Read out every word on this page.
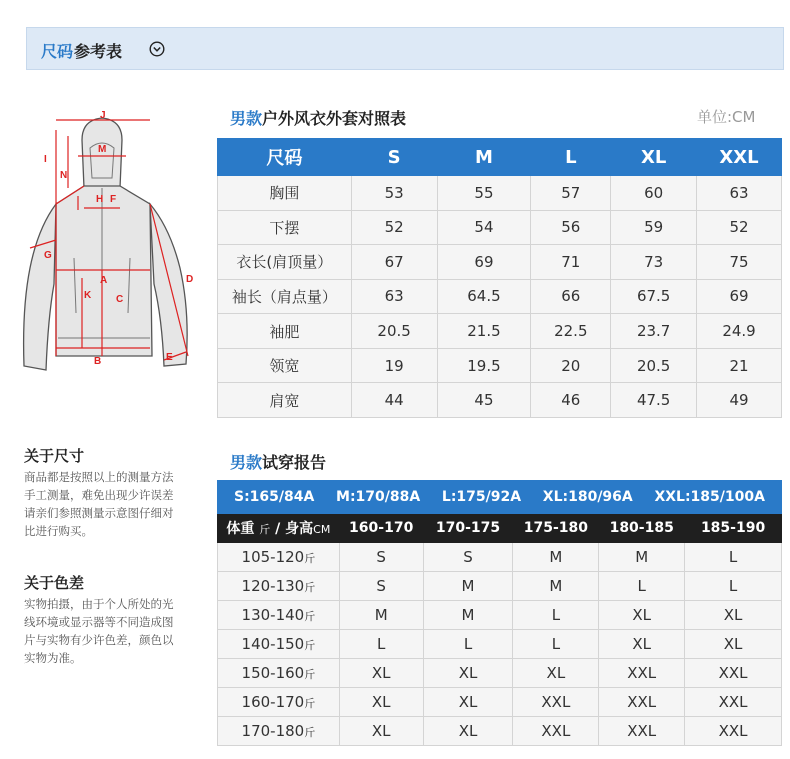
尺码 参考表
J
M
N
I
H F
G
A
K C
D
B	E
男款户外风衣外套对照表	单位:CM
尺码	S	M	L	XL	XXL
胸围	53	55	57	60	63
下摆	52	54	56	59	52
衣长(肩顶量）	67	69	71	73	75
袖长（肩点量）	63	64.5	66	67.5	69
袖肥	20.5	21.5	22.5	23.7	24.9
领宽	19	19.5	20	20.5	21
肩宽	44	45	46	47.5	49
关于尺寸
商品都是按照以上的测量方法
手工测量，难免出现少许误差
请亲们参照测量示意图仔细对
比进行购买。
关于色差
实物拍摄，由于个人所处的光
线环境或显示器等不同造成图
片与实物有少许色差，颜色以
实物为准。
男款试穿报告
S:165/84A M:170/88A L:175/92A XL:180/96A XXL:185/100A					

体重 斤 / 身高CM	160-170	170-175	175-180	180-185	185-190
105-120斤	S	S	M	M	L
120-130斤	S	M	M	L	L
130-140斤	M	M	L	XL	XL
140-150斤	L	L	L	XL	XL
150-160斤	XL	XL	XL	XXL	XXL
160-170斤	XL	XL	XXL	XXL	XXL
170-180斤	XL	XL	XXL	XXL	XXL
